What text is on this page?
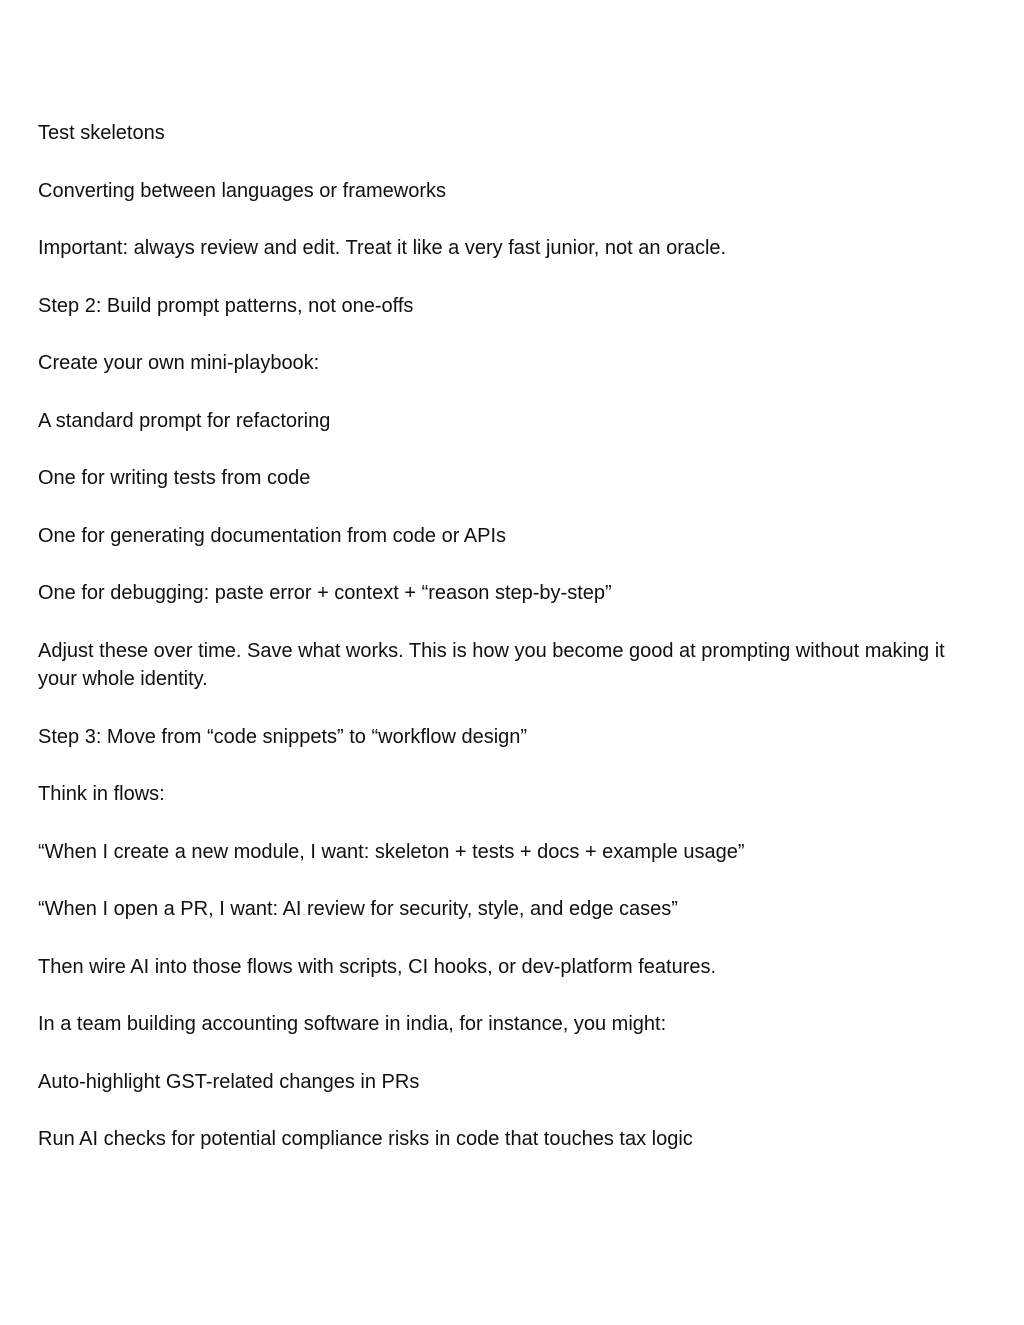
Test skeletons

Converting between languages or frameworks

Important: always review and edit. Treat it like a very fast junior, not an oracle.

Step 2: Build prompt patterns, not one-offs

Create your own mini-playbook:

A standard prompt for refactoring

One for writing tests from code

One for generating documentation from code or APIs

One for debugging: paste error + context + “reason step-by-step”

Adjust these over time. Save what works. This is how you become good at prompting without making it your whole identity.

Step 3: Move from “code snippets” to “workflow design”

Think in flows:

“When I create a new module, I want: skeleton + tests + docs + example usage”

“When I open a PR, I want: AI review for security, style, and edge cases”

Then wire AI into those flows with scripts, CI hooks, or dev-platform features.

In a team building accounting software in india, for instance, you might:

Auto-highlight GST-related changes in PRs

Run AI checks for potential compliance risks in code that touches tax logic
